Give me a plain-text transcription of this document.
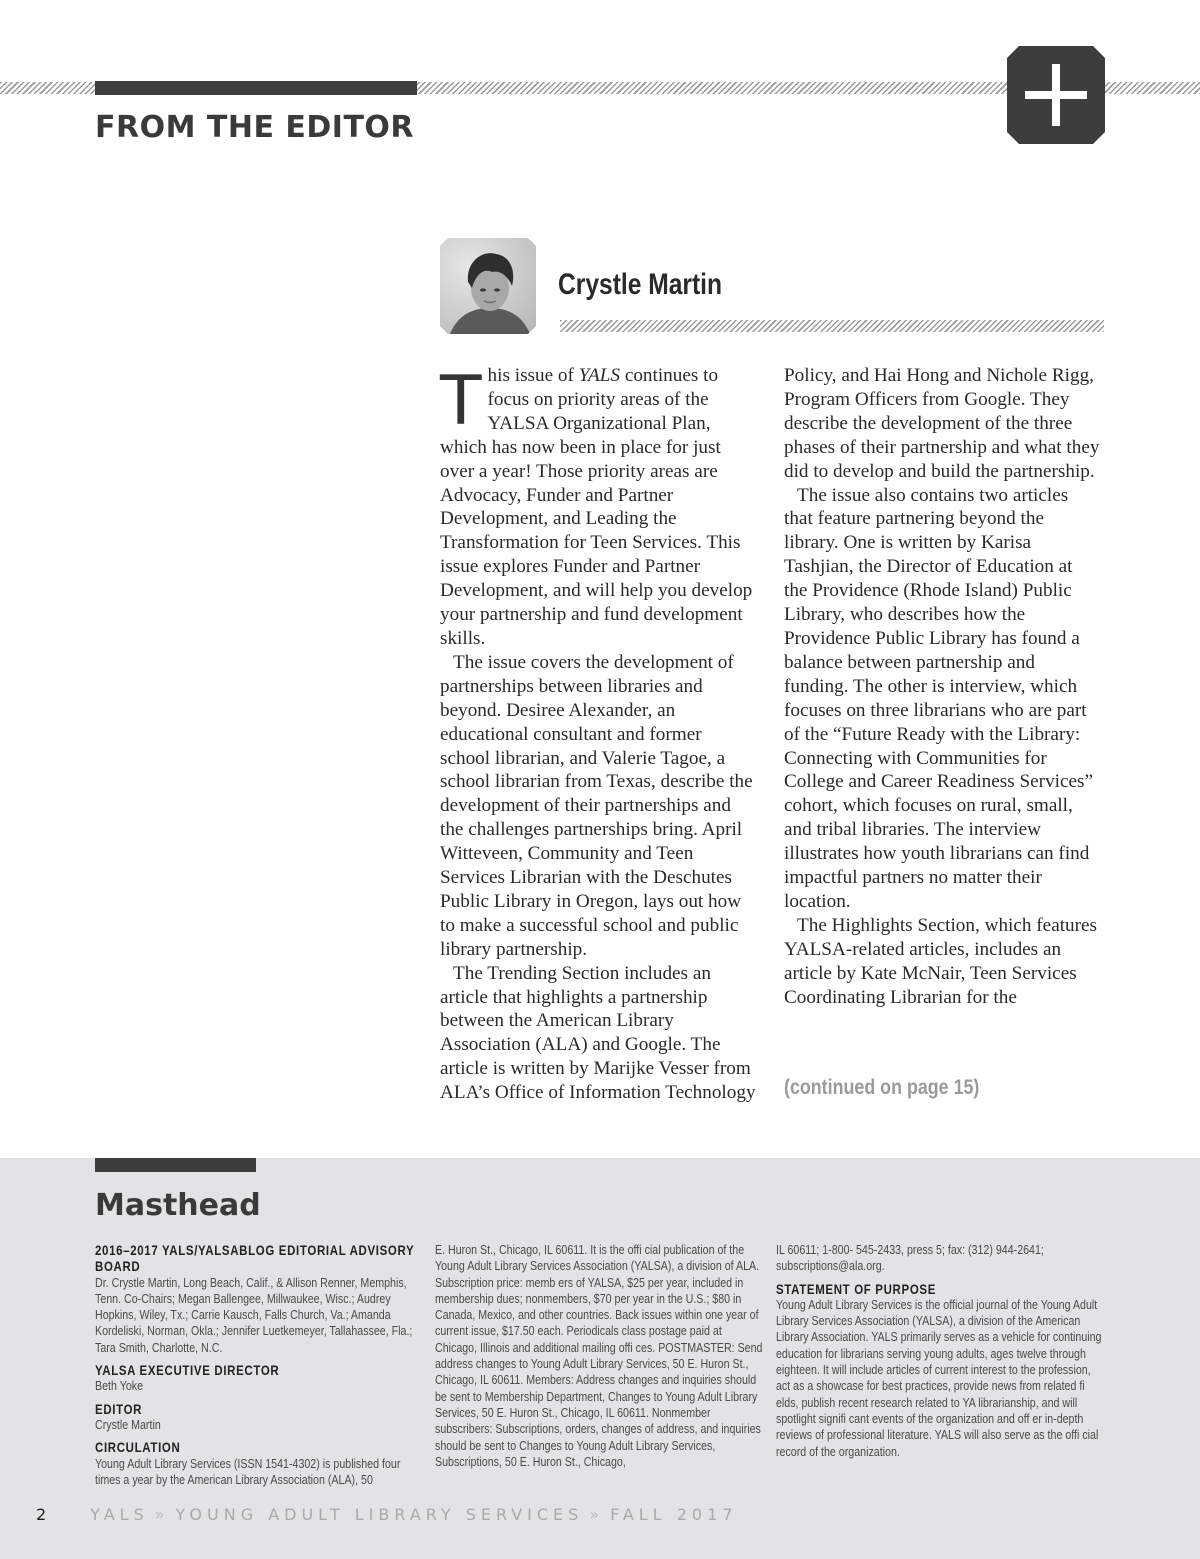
FROM THE EDITOR
Crystle Martin

This issue of YALS continues to focus on priority areas of the YALSA Organizational Plan, which has now been in place for just over a year! Those priority areas are Advocacy, Funder and Partner Development, and Leading the Transformation for Teen Services. This issue explores Funder and Partner Development, and will help you develop your partnership and fund development skills.

The issue covers the development of partnerships between libraries and beyond. Desiree Alexander, an educational consultant and former school librarian, and Valerie Tagoe, a school librarian from Texas, describe the development of their partnerships and the challenges partnerships bring. April Witteveen, Community and Teen Services Librarian with the Deschutes Public Library in Oregon, lays out how to make a successful school and public library partnership.

The Trending Section includes an article that highlights a partnership between the American Library Association (ALA) and Google. The article is written by Marijke Vesser from ALA’s Office of Information Technology

Policy, and Hai Hong and Nichole Rigg, Program Officers from Google. They describe the development of the three phases of their partnership and what they did to develop and build the partnership.

The issue also contains two articles that feature partnering beyond the library. One is written by Karisa Tashjian, the Director of Education at the Providence (Rhode Island) Public Library, who describes how the Providence Public Library has found a balance between partnership and funding. The other is interview, which focuses on three librarians who are part of the “Future Ready with the Library: Connecting with Communities for College and Career Readiness Services” cohort, which focuses on rural, small, and tribal libraries. The interview illustrates how youth librarians can find impactful partners no matter their location.

The Highlights Section, which features YALSA-related articles, includes an article by Kate McNair, Teen Services Coordinating Librarian for the

(continued on page 15)

Masthead
2016–2017 YALS/YALSABLOG EDITORIAL ADVISORY BOARD

Dr. Crystle Martin, Long Beach, Calif., & Allison Renner, Memphis, Tenn. Co-Chairs; Megan Ballengee, Millwaukee, Wisc.; Audrey Hopkins, Wiley, Tx.; Carrie Kausch, Falls Church, Va.; Amanda Kordeliski, Norman, Okla.; Jennifer Luetkemeyer, Tallahassee, Fla.; Tara Smith, Charlotte, N.C.

YALSA EXECUTIVE DIRECTOR

Beth Yoke

EDITOR

Crystle Martin

CIRCULATION

Young Adult Library Services (ISSN 1541-4302) is published four times a year by the American Library Association (ALA), 50

E. Huron St., Chicago, IL 60611. It is the offi cial publication of the Young Adult Library Services Association (YALSA), a division of ALA. Subscription price: memb ers of YALSA, $25 per year, included in membership dues; nonmembers, $70 per year in the U.S.; $80 in Canada, Mexico, and other countries. Back issues within one year of current issue, $17.50 each. Periodicals class postage paid at Chicago, Illinois and additional mailing offi ces. POSTMASTER: Send address changes to Young Adult Library Services, 50 E. Huron St., Chicago, IL 60611. Members: Address changes and inquiries should be sent to Membership Department, Changes to Young Adult Library Services, 50 E. Huron St., Chicago, IL 60611. Nonmember subscribers: Subscriptions, orders, changes of address, and inquiries should be sent to Changes to Young Adult Library Services, Subscriptions, 50 E. Huron St., Chicago,

IL 60611; 1-800- 545-2433, press 5; fax: (312) 944-2641; subscriptions@ala.org.

STATEMENT OF PURPOSE

Young Adult Library Services is the official journal of the Young Adult Library Services Association (YALSA), a division of the American Library Association. YALS primarily serves as a vehicle for continuing education for librarians serving young adults, ages twelve through eighteen. It will include articles of current interest to the profession, act as a showcase for best practices, provide news from related fi elds, publish recent research related to YA librarianship, and will spotlight signifi cant events of the organization and off er in-depth reviews of professional literature. YALS will also serve as the offi cial record of the organization.

2	YALS » YOUNG ADULT LIBRARY SERVICES » FALL 2017
